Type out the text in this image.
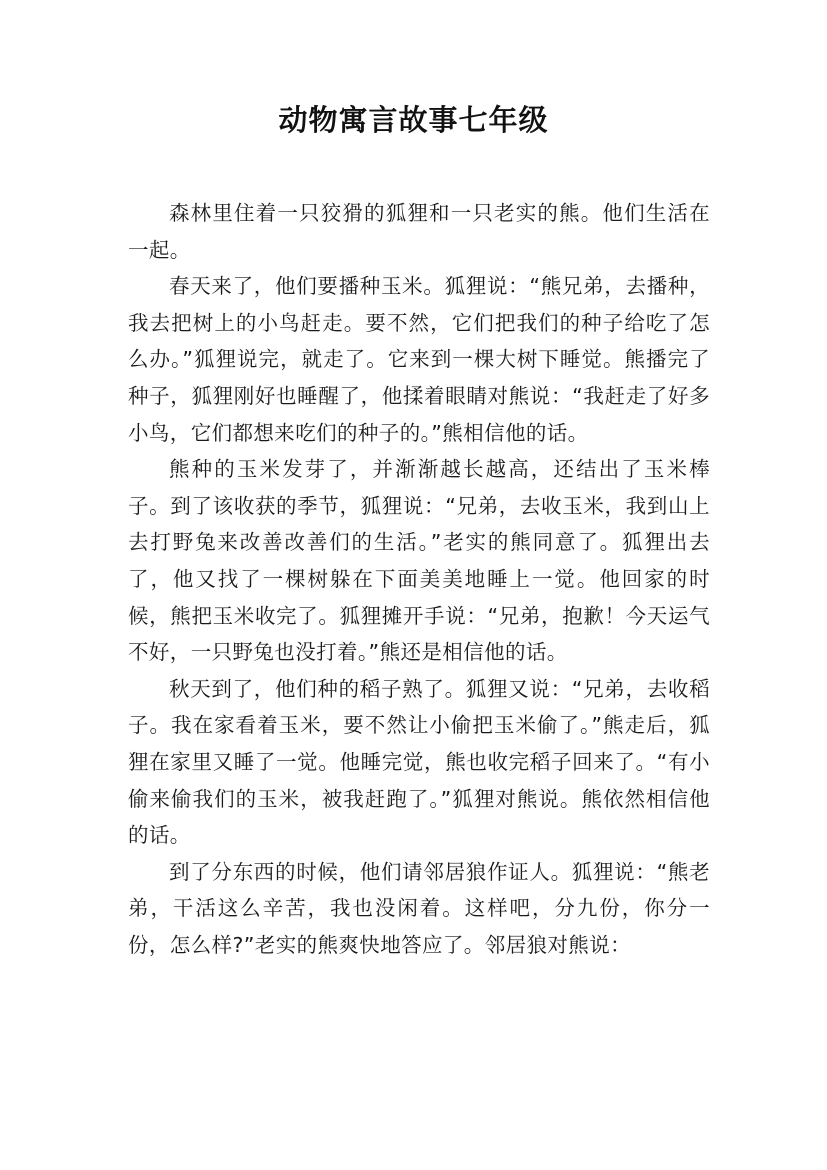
动物寓言故事七年级

森林里住着一只狡猾的狐狸和一只老实的熊。他们生活在一起。

春天来了，他们要播种玉米。狐狸说：“熊兄弟，去播种，我去把树上的小鸟赶走。要不然，它们把我们的种子给吃了怎么办。”狐狸说完，就走了。它来到一棵大树下睡觉。熊播完了种子，狐狸刚好也睡醒了，他揉着眼睛对熊说：“我赶走了好多小鸟，它们都想来吃们的种子的。”熊相信他的话。

熊种的玉米发芽了，并渐渐越长越高，还结出了玉米棒子。到了该收获的季节，狐狸说：“兄弟，去收玉米，我到山上去打野兔来改善改善们的生活。”老实的熊同意了。狐狸出去了，他又找了一棵树躲在下面美美地睡上一觉。他回家的时候，熊把玉米收完了。狐狸摊开手说：“兄弟，抱歉！今天运气不好，一只野兔也没打着。”熊还是相信他的话。

秋天到了，他们种的稻子熟了。狐狸又说：“兄弟，去收稻子。我在家看着玉米，要不然让小偷把玉米偷了。”熊走后，狐狸在家里又睡了一觉。他睡完觉，熊也收完稻子回来了。“有小偷来偷我们的玉米，被我赶跑了。”狐狸对熊说。熊依然相信他的话。

到了分东西的时候，他们请邻居狼作证人。狐狸说：“熊老弟，干活这么辛苦，我也没闲着。这样吧，分九份，你分一份，怎么样?”老实的熊爽快地答应了。邻居狼对熊说：
